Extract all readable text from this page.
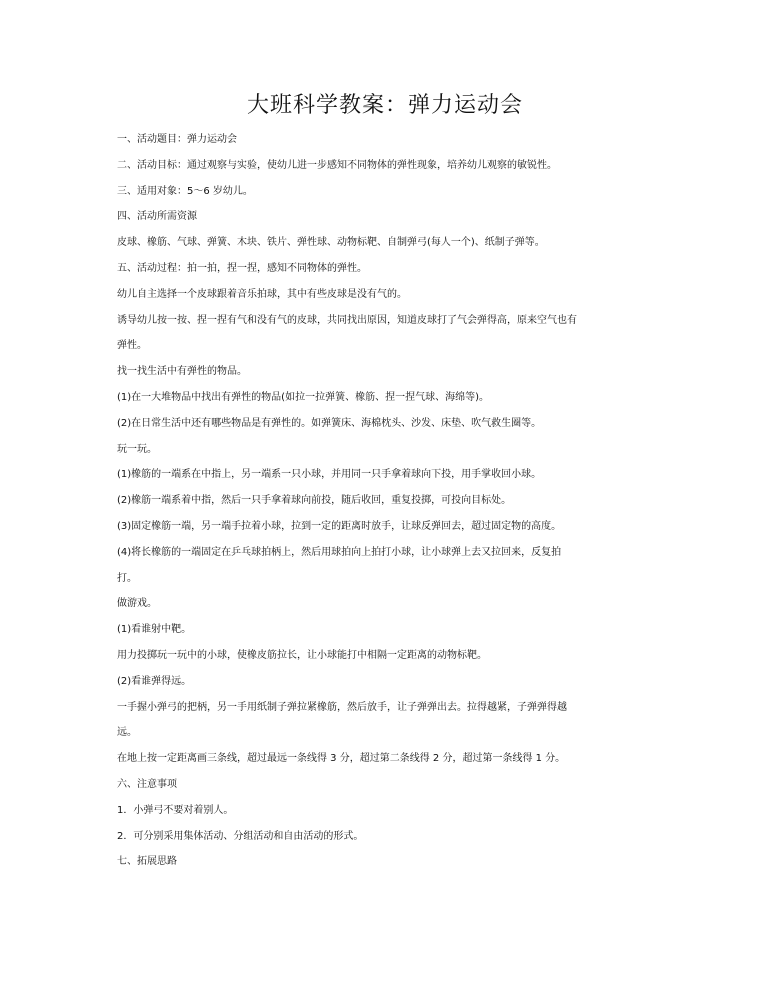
大班科学教案：弹力运动会

一、活动题目：弹力运动会

二、活动目标：通过观察与实验，使幼儿进一步感知不同物体的弹性现象，培养幼儿观察的敏锐性。

三、适用对象：5～6 岁幼儿。

四、活动所需资源

皮球、橡筋、气球、弹簧、木块、铁片、弹性球、动物标靶、自制弹弓(每人一个)、纸制子弹等。

五、活动过程：拍一拍，捏一捏，感知不同物体的弹性。

幼儿自主选择一个皮球跟着音乐拍球，其中有些皮球是没有气的。

诱导幼儿按一按、捏一捏有气和没有气的皮球，共同找出原因，知道皮球打了气会弹得高，原来空气也有

弹性。

找一找生活中有弹性的物品。

(1)在一大堆物品中找出有弹性的物品(如拉一拉弹簧、橡筋、捏一捏气球、海绵等)。

(2)在日常生活中还有哪些物品是有弹性的。如弹簧床、海棉枕头、沙发、床垫、吹气救生圈等。

玩一玩。

(1)橡筋的一端系在中指上，另一端系一只小球，并用同一只手拿着球向下投，用手掌收回小球。

(2)橡筋一端系着中指，然后一只手拿着球向前投，随后收回，重复投掷，可投向目标处。

(3)固定橡筋一端，另一端手拉着小球，拉到一定的距离时放手，让球反弹回去，超过固定物的高度。

(4)将长橡筋的一端固定在乒乓球拍柄上，然后用球拍向上拍打小球，让小球弹上去又拉回来，反复拍

打。

做游戏。

(1)看谁射中靶。

用力投掷玩一玩中的小球，使橡皮筋拉长，让小球能打中相隔一定距离的动物标靶。

(2)看谁弹得远。

一手握小弹弓的把柄，另一手用纸制子弹拉紧橡筋，然后放手，让子弹弹出去。拉得越紧，子弹弹得越

远。

在地上按一定距离画三条线，超过最远一条线得 3 分，超过第二条线得 2 分，超过第一条线得 1 分。

六、注意事项

1．小弹弓不要对着别人。

2．可分别采用集体活动、分组活动和自由活动的形式。

七、拓展思路
